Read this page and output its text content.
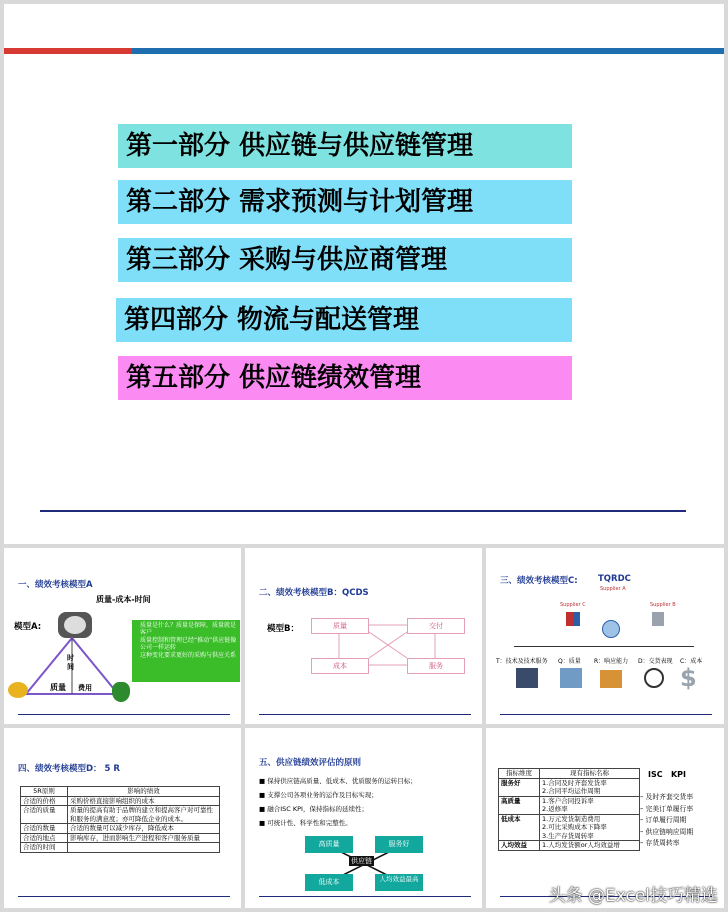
第一部分 供应链与供应链管理
第二部分 需求预测与计划管理
第三部分 采购与供应商管理
第四部分 物流与配送管理
第五部分 供应链绩效管理
一、绩效考核模型A
质量-成本-时间
模型A:
时间
质量 费用
质量是什么？质量是保障，质量就是客户
质量控制和管理已经“推动”供应链像公司一样运转
这种变化要求更好的采购与供应关系
二、绩效考核模型B：QCDS
模型B：	质量	交付
成本	服务
三、绩效考核模型C: TQRDC
Supplier C
Supplier A
Supplier B
T：技术及技术服务 Q：质量 R：响应能力 D：交货表现 C：成本
$
四、绩效考核模型D： 5 R
5R原则	影响的绩效
合适的价格	采购价格直接影响组织的成本
合适的质量	质量的提高有助于品牌的建立和提高客户对可靠性和服务的满意度；亦可降低企业的成本。
合适的数量	合适的数量可以减少库存，降低成本
合适的地点	影响库存，进而影响生产进程和客户服务质量
合适的时间	
五、供应链绩效评估的原则
■ 保持供应链高质量、低成本、优质服务的运转目标；
■ 支撑公司各项业务的运作及目标实现；
■ 融合ISC KPI，保持指标的延续性；
■ 可统计性、科学性和完整性。
高质量	服务好
低成本	人均效益最高
供应链
指标维度	现有指标名称
服务好	1.合同及时齐套发货率
2.合同平均运作周期

高质量	1.客户合同投诉率
2.返修率

低成本	1.万元发货制造费用
2.可比采购成本下降率
3.生产存货周转率

人均效益	1.人均发货额or人均效益增
ISC   KPI
– 及时齐套交货率
– 完美订单履行率
– 订单履行周期
– 供应链响应周期
– 存货周转率
头条 @Excel技巧精选
